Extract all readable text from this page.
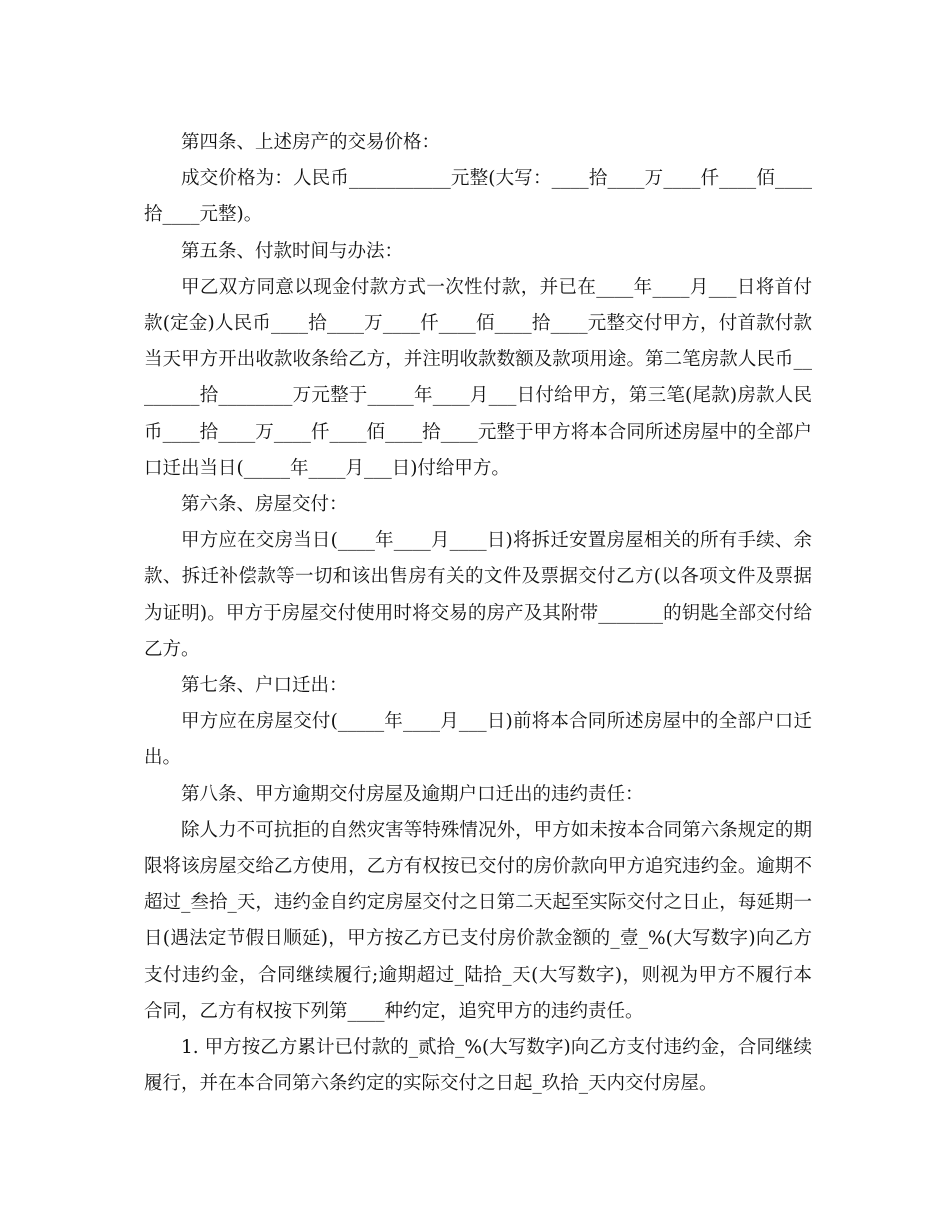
第四条、上述房产的交易价格：

成交价格为：人民币___________元整(大写：____拾____万____仟____佰____拾____元整)。

第五条、付款时间与办法：

甲乙双方同意以现金付款方式一次性付款，并已在____年____月___日将首付款(定金)人民币____拾____万____仟____佰____拾____元整交付甲方，付首款付款当天甲方开出收款收条给乙方，并注明收款数额及款项用途。第二笔房款人民币________拾________万元整于_____年____月___日付给甲方，第三笔(尾款)房款人民币____拾____万____仟____佰____拾____元整于甲方将本合同所述房屋中的全部户口迁出当日(_____年____月___日)付给甲方。

第六条、房屋交付：

甲方应在交房当日(____年____月____日)将拆迁安置房屋相关的所有手续、余款、拆迁补偿款等一切和该出售房有关的文件及票据交付乙方(以各项文件及票据为证明)。甲方于房屋交付使用时将交易的房产及其附带_______的钥匙全部交付给乙方。

第七条、户口迁出：

甲方应在房屋交付(_____年____月___日)前将本合同所述房屋中的全部户口迁出。

第八条、甲方逾期交付房屋及逾期户口迁出的违约责任：

除人力不可抗拒的自然灾害等特殊情况外，甲方如未按本合同第六条规定的期限将该房屋交给乙方使用，乙方有权按已交付的房价款向甲方追究违约金。逾期不超过_叁拾_天，违约金自约定房屋交付之日第二天起至实际交付之日止，每延期一日(遇法定节假日顺延)，甲方按乙方已支付房价款金额的_壹_%(大写数字)向乙方支付违约金，合同继续履行;逾期超过_陆拾_天(大写数字)，则视为甲方不履行本合同，乙方有权按下列第____种约定，追究甲方的违约责任。

1. 甲方按乙方累计已付款的_贰拾_%(大写数字)向乙方支付违约金，合同继续履行，并在本合同第六条约定的实际交付之日起_玖拾_天内交付房屋。
